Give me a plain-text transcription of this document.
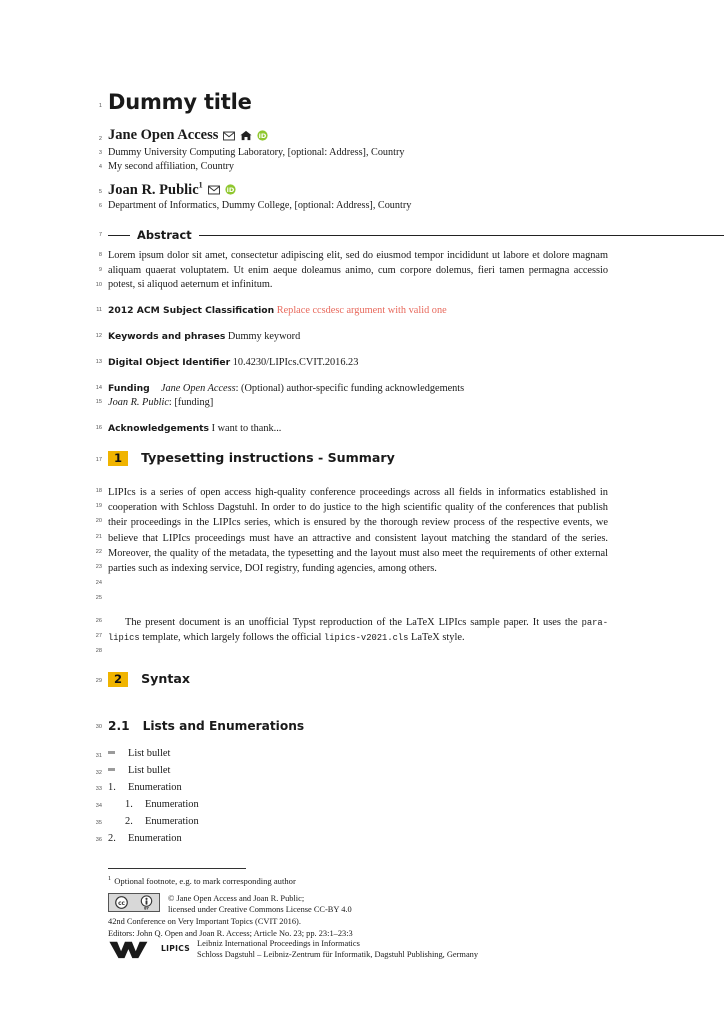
1 Dummy title
2 Jane Open Access	iD
3 Dummy University Computing Laboratory, [optional: Address], Country
4 My second affiliation, Country
5 Joan R. Public$^1$
iD
6 Department of Informatics, Dummy College, [optional: Address], Country
7	Abstract
8
9
10
Lorem ipsum dolor sit amet, consectetur adipiscing elit, sed do eiusmod tempor incididunt ut labore et dolore magnam aliquam quaerat voluptatem. Ut enim aeque doleamus animo, cum corpore dolemus, fieri tamen permagna accessio potest, si aliquod aeternum et infinitum.
11 2012 ACM Subject Classification Replace ccsdesc argument with valid one
12 Keywords and phrases Dummy keyword
13 Digital Object Identifier 10.4230/LIPIcs.CVIT.2016.23
14 Funding Jane Open Access: (Optional) author-specific funding acknowledgements
15 Joan R. Public: [funding]
16 Acknowledgements I want to thank...
17	1	Typesetting instructions - Summary
18
19
20
21
22
23
24
25

LIPIcs is a series of open access high-quality conference proceedings across all fields in informatics established in cooperation with Schloss Dagstuhl. In order to do justice to the high scientific quality of the conferences that publish their proceedings in the LIPIcs series, which is ensured by the thorough review process of the respective events, we believe that LIPIcs proceedings must have an attractive and consistent layout matching the standard of the series. Moreover, the quality of the metadata, the typesetting and the layout must also meet the requirements of other external parties such as indexing service, DOI registry, funding agencies, among others.

26
27
28

The present document is an unofficial Typst reproduction of the LaTeX LIPIcs sample paper. It uses the para-lipics template, which largely follows the official lipics-v2021.cls LaTeX style.

29	2	Syntax
30 2.1 Lists and Enumerations
31	List bullet
32	List bullet
33 1.	Enumeration
34 1.	Enumeration
35 2.	Enumeration
36 2.	Enumeration
$^1$ Optional footnote, e.g. to mark corresponding author
cc
BY
© Jane Open Access and Joan R. Public;
licensed under Creative Commons License CC-BY 4.0
42nd Conference on Very Important Topics (CVIT 2016).
Editors: John Q. Open and Joan R. Access; Article No. 23; pp. 23:1–23:3
LIPICS
Leibniz International Proceedings in Informatics
Schloss Dagstuhl – Leibniz-Zentrum für Informatik, Dagstuhl Publishing, Germany
